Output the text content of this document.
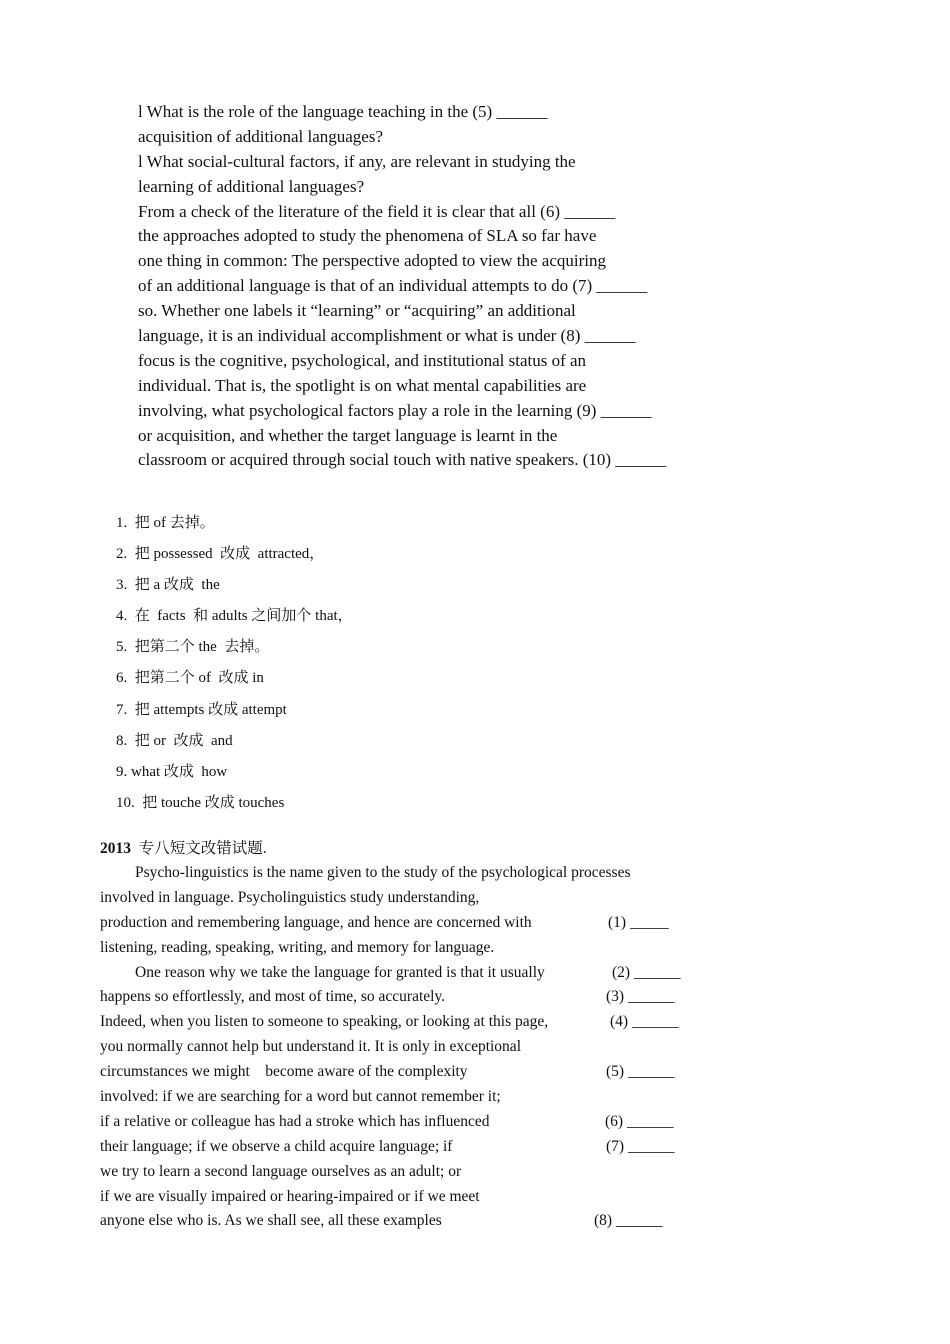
l What is the role of the language teaching in the (5) ______
acquisition of additional languages?
l What social-cultural factors, if any, are relevant in studying the
learning of additional languages?
From a check of the literature of the field it is clear that all (6) ______
the approaches adopted to study the phenomena of SLA so far have
one thing in common: The perspective adopted to view the acquiring
of an additional language is that of an individual attempts to do (7) ______
so. Whether one labels it “learning” or “acquiring” an additional
language, it is an individual accomplishment or what is under (8) ______
focus is the cognitive, psychological, and institutional status of an
individual. That is, the spotlight is on what mental capabilities are
involving, what psychological factors play a role in the learning (9) ______
or acquisition, and whether the target language is learnt in the
classroom or acquired through social touch with native speakers. (10) ______
1.  把 of 去掉。
2.  把 possessed  改成  attracted，
3.  把 a 改成  the
4.  在  facts  和 adults 之间加个 that，
5.  把第二个 the  去掉。
6.  把第二个 of  改成 in
7.  把 attempts 改成 attempt
8.  把 or  改成  and
9. what 改成  how
10.  把 touche 改成 touches
2013  专八短文改错试题.
Psycho-linguistics is the name given to the study of the psychological processes
involved in language. Psycholinguistics study understanding,
production and remembering language, and hence are concerned with	(1) _____
listening, reading, speaking, writing, and memory for language.
One reason why we take the language for granted is that it usually	(2) ______
happens so effortlessly, and most of time, so accurately.	(3) ______
Indeed, when you listen to someone to speaking, or looking at this page,	(4) ______
you normally cannot help but understand it. It is only in exceptional
circumstances we might    become aware of the complexity	(5) ______
involved: if we are searching for a word but cannot remember it;
if a relative or colleague has had a stroke which has influenced	(6) ______
their language; if we observe a child acquire language; if	(7) ______
we try to learn a second language ourselves as an adult; or
if we are visually impaired or hearing-impaired or if we meet
anyone else who is. As we shall see, all these examples	(8) ______
